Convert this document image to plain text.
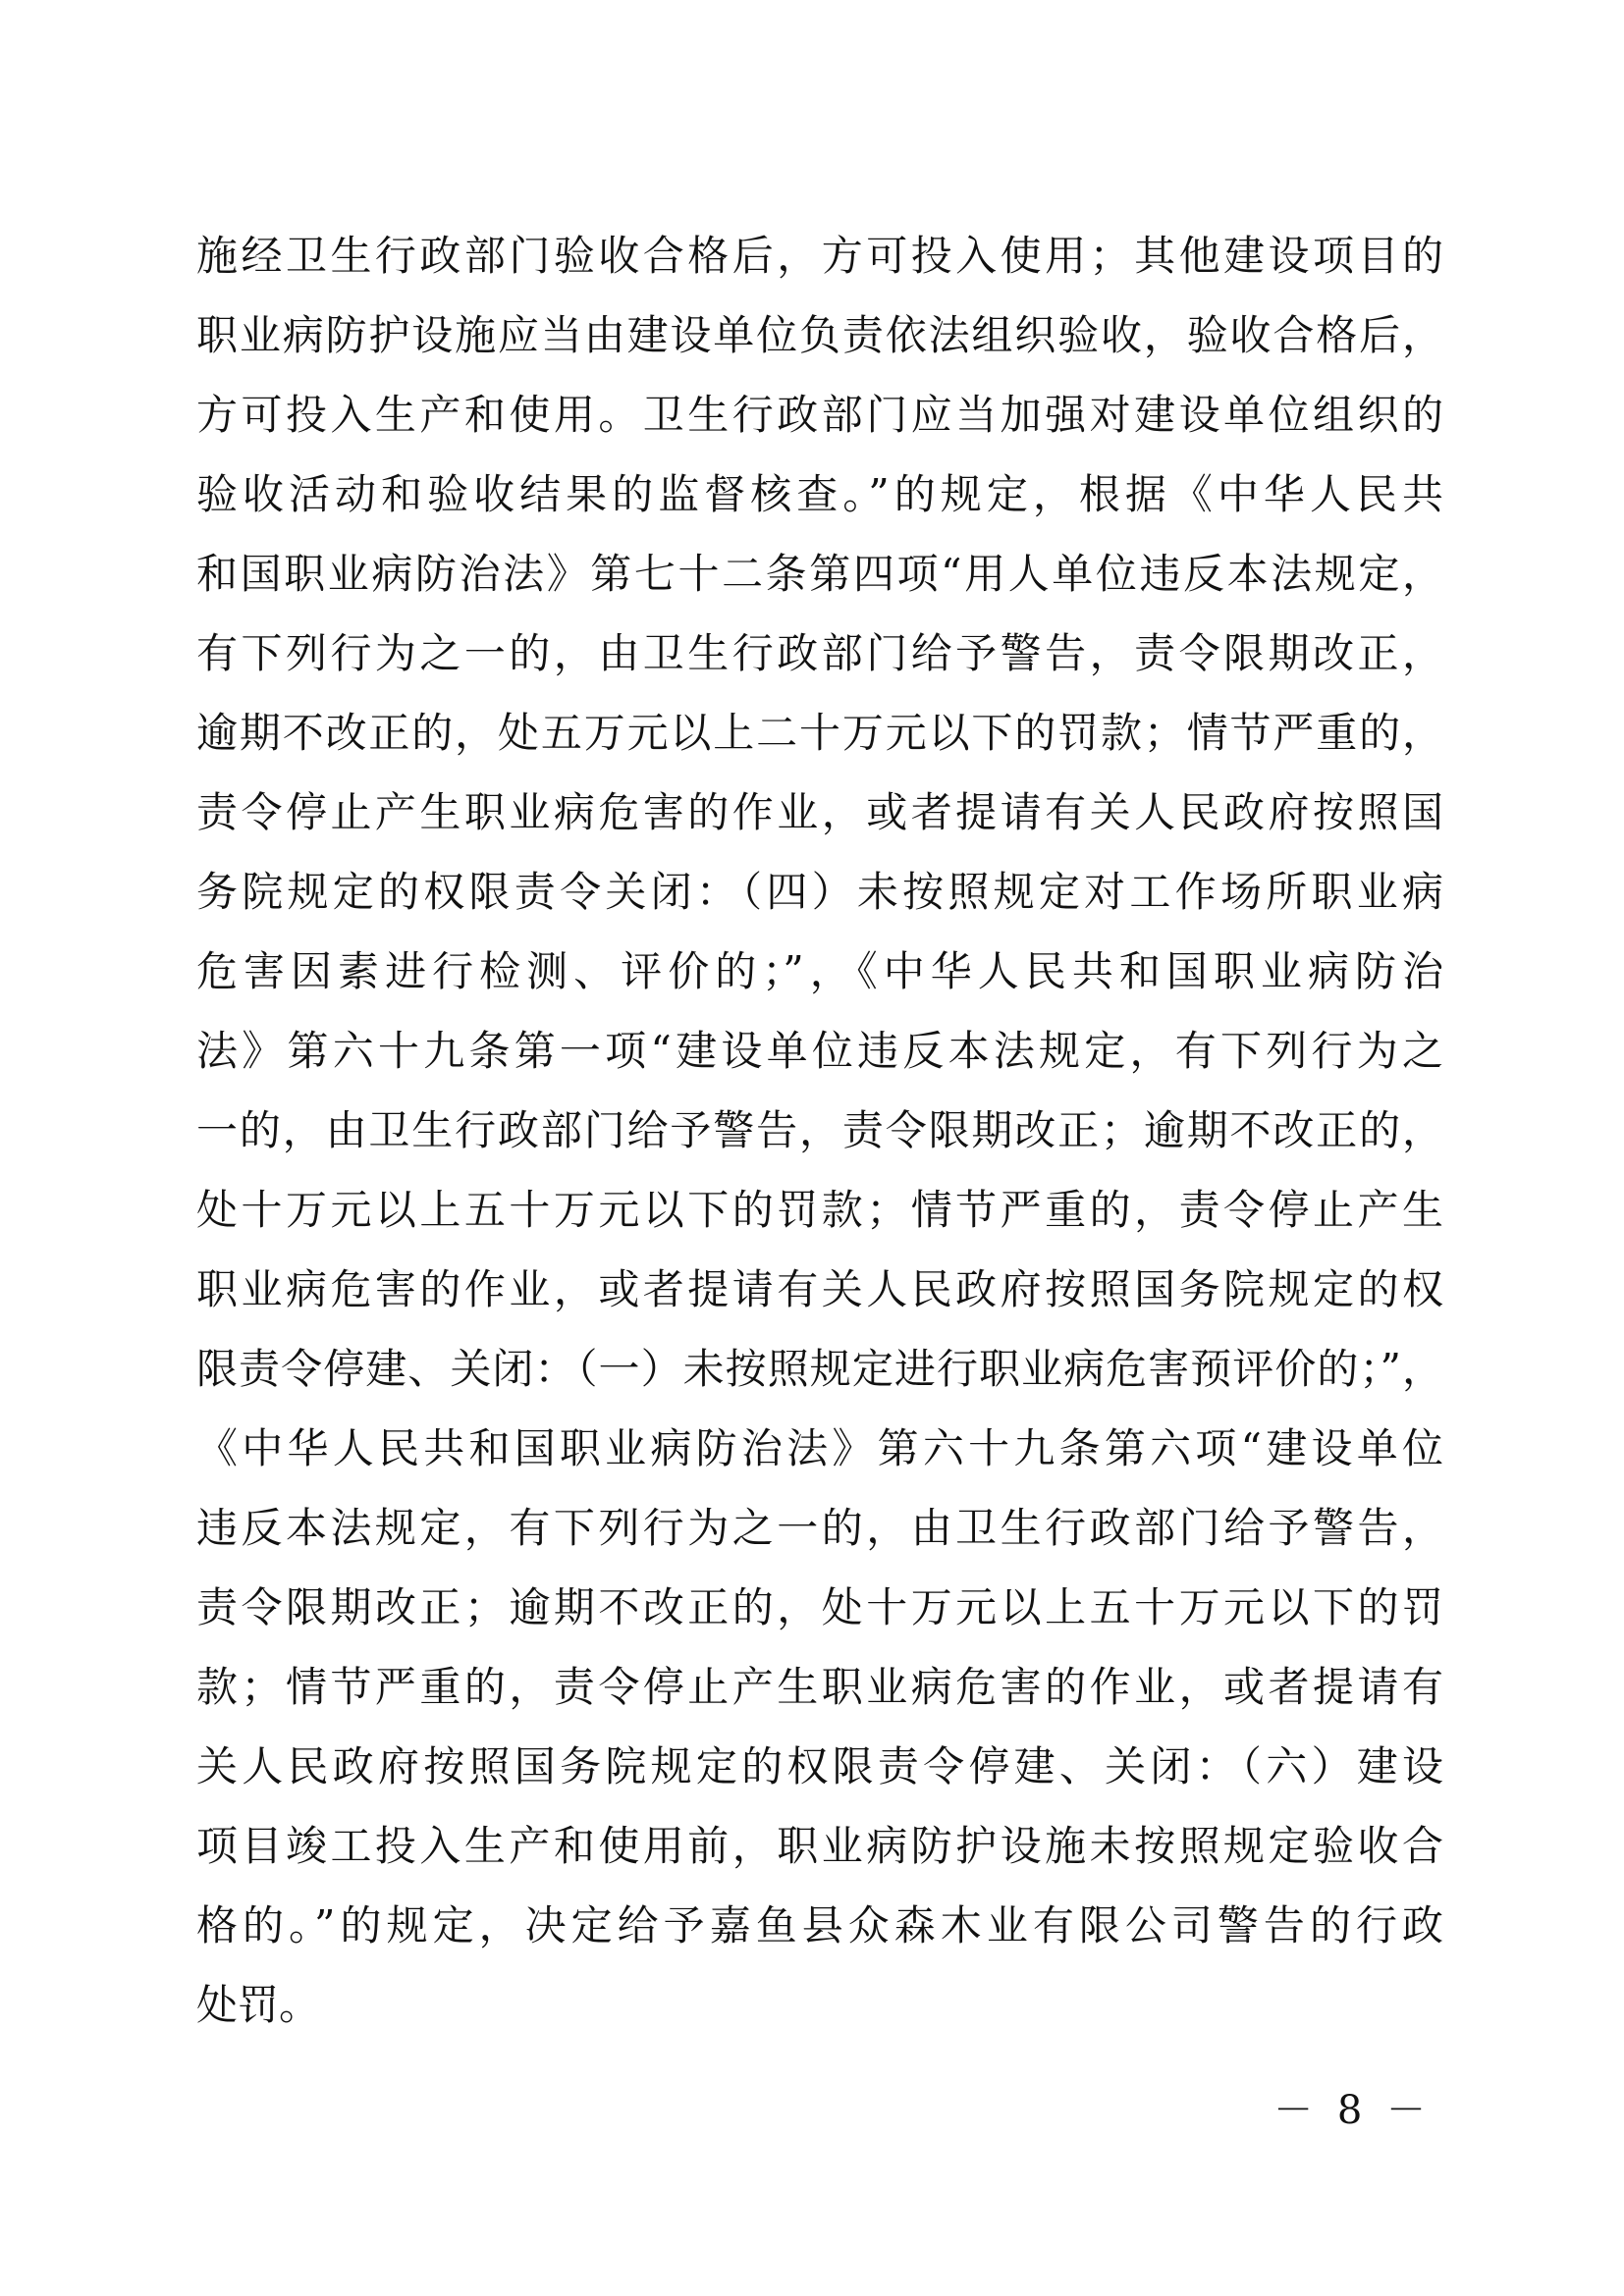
施经卫生行政部门验收合格后，方可投入使用；其他建设项目的
职业病防护设施应当由建设单位负责依法组织验收，验收合格后，
方可投入生产和使用。卫生行政部门应当加强对建设单位组织的
验收活动和验收结果的监督核查。”的规定，根据《中华人民共
和国职业病防治法》第七十二条第四项“用人单位违反本法规定，
有下列行为之一的，由卫生行政部门给予警告，责令限期改正，
逾期不改正的，处五万元以上二十万元以下的罚款；情节严重的，
责令停止产生职业病危害的作业，或者提请有关人民政府按照国
务院规定的权限责令关闭：（四）未按照规定对工作场所职业病
危害因素进行检测、评价的；”，《中华人民共和国职业病防治
法》第六十九条第一项“建设单位违反本法规定，有下列行为之
一的，由卫生行政部门给予警告，责令限期改正；逾期不改正的，
处十万元以上五十万元以下的罚款；情节严重的，责令停止产生
职业病危害的作业，或者提请有关人民政府按照国务院规定的权
限责令停建、关闭：（一）未按照规定进行职业病危害预评价的；”，
《中华人民共和国职业病防治法》第六十九条第六项“建设单位
违反本法规定，有下列行为之一的，由卫生行政部门给予警告，
责令限期改正；逾期不改正的，处十万元以上五十万元以下的罚
款；情节严重的，责令停止产生职业病危害的作业，或者提请有
关人民政府按照国务院规定的权限责令停建、关闭：（六）建设
项目竣工投入生产和使用前，职业病防护设施未按照规定验收合
格的。”的规定，决定给予嘉鱼县众森木业有限公司警告的行政
处罚。
－ 8 －
